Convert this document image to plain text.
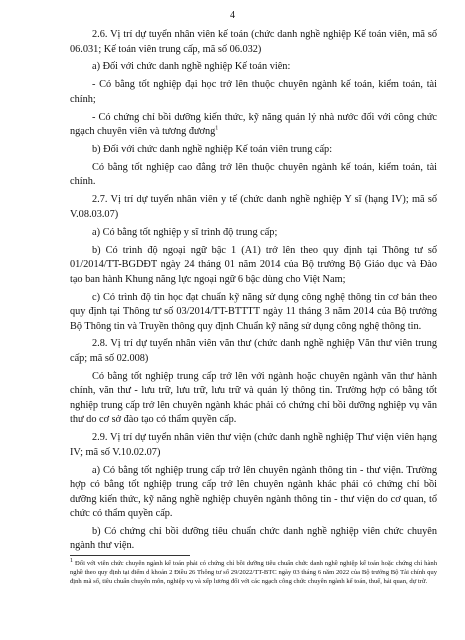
4

2.6. Vị trí dự tuyển nhân viên kế toán (chức danh nghề nghiệp Kế toán viên, mã số 06.031; Kế toán viên trung cấp, mã số 06.032)

a) Đối với chức danh nghề nghiệp Kế toán viên:

- Có bằng tốt nghiệp đại học trở lên thuộc chuyên ngành kế toán, kiểm toán, tài chính;

- Có chứng chỉ bồi dưỡng kiến thức, kỹ năng quản lý nhà nước đối với công chức ngạch chuyên viên và tương đương$^1$

b) Đối với chức danh nghề nghiệp Kế toán viên trung cấp:

Có bằng tốt nghiệp cao đẳng trở lên thuộc chuyên ngành kế toán, kiểm toán, tài chính.

2.7. Vị trí dự tuyển nhân viên y tế (chức danh nghề nghiệp Y sĩ (hạng IV); mã số V.08.03.07)

a) Có bằng tốt nghiệp y sĩ trình độ trung cấp;

b) Có trình độ ngoại ngữ bậc 1 (A1) trở lên theo quy định tại Thông tư số 01/2014/TT-BGDĐT ngày 24 tháng 01 năm 2014 của Bộ trưởng Bộ Giáo dục và Đào tạo ban hành Khung năng lực ngoại ngữ 6 bậc dùng cho Việt Nam;

c) Có trình độ tin học đạt chuẩn kỹ năng sử dụng công nghệ thông tin cơ bản theo quy định tại Thông tư số 03/2014/TT-BTTTT ngày 11 tháng 3 năm 2014 của Bộ trưởng Bộ Thông tin và Truyền thông quy định Chuẩn kỹ năng sử dụng công nghệ thông tin.

2.8. Vị trí dự tuyển nhân viên văn thư (chức danh nghề nghiệp Văn thư viên trung cấp; mã số 02.008)

Có bằng tốt nghiệp trung cấp trở lên với ngành hoặc chuyên ngành văn thư hành chính, văn thư - lưu trữ, lưu trữ, lưu trữ và quản lý thông tin. Trường hợp có bằng tốt nghiệp trung cấp trở lên chuyên ngành khác phải có chứng chỉ bồi dưỡng nghiệp vụ văn thư do cơ sở đào tạo có thẩm quyền cấp.

2.9. Vị trí dự tuyển nhân viên thư viện (chức danh nghề nghiệp Thư viện viên hạng IV; mã số V.10.02.07)

a) Có bằng tốt nghiệp trung cấp trở lên chuyên ngành thông tin - thư viện. Trường hợp có bằng tốt nghiệp trung cấp trở lên chuyên ngành khác phải có chứng chỉ bồi dưỡng kiến thức, kỹ năng nghề nghiệp chuyên ngành thông tin - thư viện do cơ quan, tổ chức có thẩm quyền cấp.

b) Có chứng chỉ bồi dưỡng tiêu chuẩn chức danh nghề nghiệp viên chức chuyên ngành thư viện.

$^1$ Đối với viên chức chuyên ngành kế toán phải có chứng chỉ bồi dưỡng tiêu chuẩn chức danh nghề nghiệp kế toán hoặc chứng chỉ hành nghề theo quy định tại điểm d khoản 2 Điều 26 Thông tư số 29/2022/TT-BTC ngày 03 tháng 6 năm 2022 của Bộ trưởng Bộ Tài chính quy định mã số, tiêu chuẩn chuyên môn, nghiệp vụ và xếp lương đối với các ngạch công chức chuyên ngành kế toán, thuế, hải quan, dự trữ.
